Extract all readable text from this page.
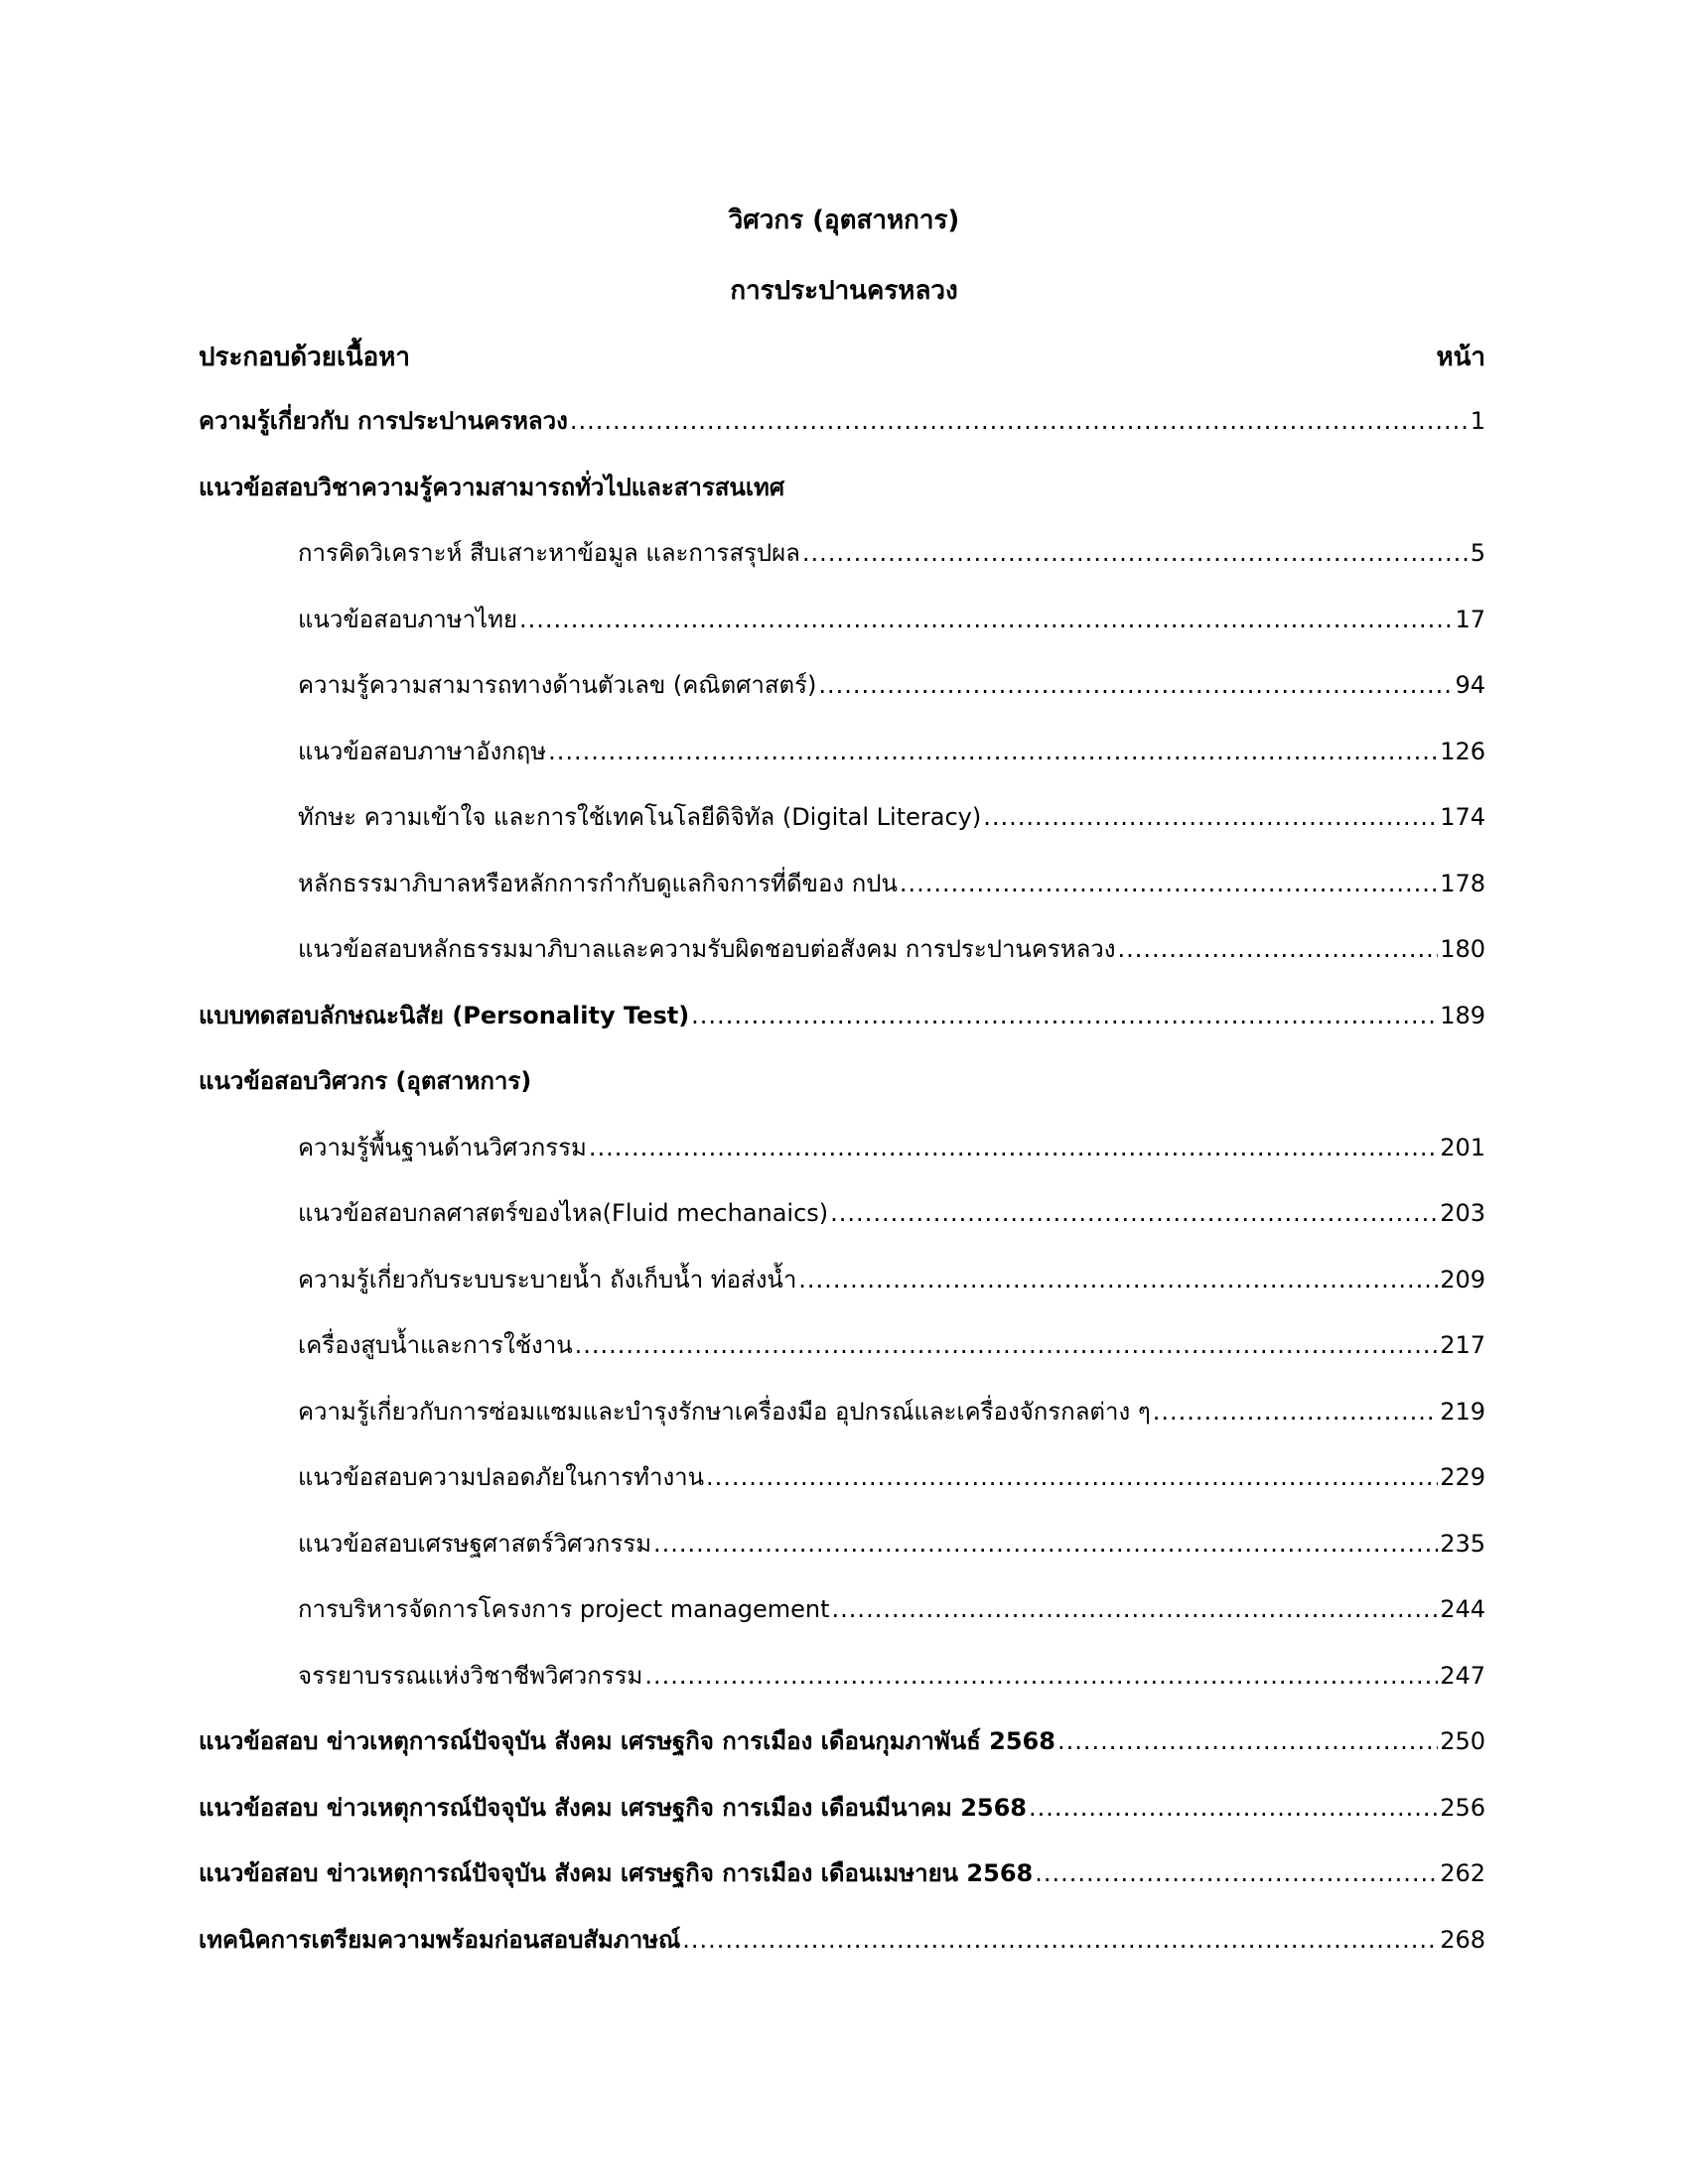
วิศวกร (อุตสาหการ)
การประปานครหลวง
ประกอบด้วยเนื้อหา	หน้า
ความรู้เกี่ยวกับ การประปานครหลวง .....	1
แนวข้อสอบวิชาความรู้ความสามารถทั่วไปและสารสนเทศ
การคิดวิเคราะห์ สืบเสาะหาข้อมูล และการสรุปผล .....	5
แนวข้อสอบภาษาไทย .....	17
ความรู้ความสามารถทางด้านตัวเลข (คณิตศาสตร์) .....	94
แนวข้อสอบภาษาอังกฤษ .....	126
ทักษะ ความเข้าใจ และการใช้เทคโนโลยีดิจิทัล (Digital Literacy) .....	174
หลักธรรมาภิบาลหรือหลักการกำกับดูแลกิจการที่ดีของ กปน .....	178
แนวข้อสอบหลักธรรมมาภิบาลและความรับผิดชอบต่อสังคม การประปานครหลวง .....	180
แบบทดสอบลักษณะนิสัย (Personality Test) .....	189
แนวข้อสอบวิศวกร (อุตสาหการ)
ความรู้พื้นฐานด้านวิศวกรรม .....	201
แนวข้อสอบกลศาสตร์ของไหล(Fluid mechanaics) .....	203
ความรู้เกี่ยวกับระบบระบายน้ำ ถังเก็บน้ำ ท่อส่งน้ำ .....	209
เครื่องสูบน้ำและการใช้งาน .....	217
ความรู้เกี่ยวกับการซ่อมแซมและบำรุงรักษาเครื่องมือ อุปกรณ์และเครื่องจักรกลต่าง ๆ .....	219
แนวข้อสอบความปลอดภัยในการทำงาน .....	229
แนวข้อสอบเศรษฐศาสตร์วิศวกรรม .....	235
การบริหารจัดการโครงการ project management .....	244
จรรยาบรรณแห่งวิชาชีพวิศวกรรม .....	247
แนวข้อสอบ ข่าวเหตุการณ์ปัจจุบัน สังคม เศรษฐกิจ การเมือง เดือนกุมภาพันธ์ 2568 .....	250
แนวข้อสอบ ข่าวเหตุการณ์ปัจจุบัน สังคม เศรษฐกิจ การเมือง เดือนมีนาคม 2568 .....	256
แนวข้อสอบ ข่าวเหตุการณ์ปัจจุบัน สังคม เศรษฐกิจ การเมือง เดือนเมษายน 2568 .....	262
เทคนิคการเตรียมความพร้อมก่อนสอบสัมภาษณ์ .....	268
